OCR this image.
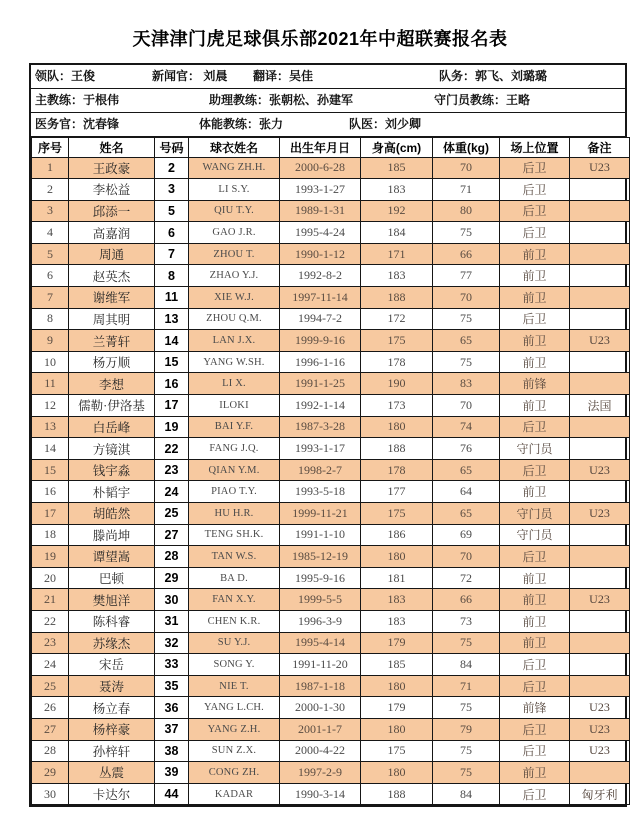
天津津门虎足球俱乐部2021年中超联赛报名表
领队：王俊	新闻官： 刘晨 翻译：吴佳	队务：郭飞、刘璐璐
主教练：于根伟	助理教练：张朝松、孙建军	守门员教练：王略
医务官：沈春锋	体能教练：张力	队医：刘少卿
序号	姓名	号码	球衣姓名	出生年月日	身高(cm)	体重(kg)	场上位置	备注
1	王政豪	2	WANG ZH.H.	2000-6-28	185	70	后卫	U23
2	李松益	3	LI S.Y.	1993-1-27	183	71	后卫	
3	邱添一	5	QIU T.Y.	1989-1-31	192	80	后卫	
4	高嘉润	6	GAO J.R.	1995-4-24	184	75	后卫	
5	周通	7	ZHOU T.	1990-1-12	171	66	前卫	
6	赵英杰	8	ZHAO Y.J.	1992-8-2	183	77	前卫	
7	谢维军	11	XIE W.J.	1997-11-14	188	70	前卫	
8	周其明	13	ZHOU Q.M.	1994-7-2	172	75	后卫	
9	兰菁轩	14	LAN J.X.	1999-9-16	175	65	前卫	U23
10	杨万顺	15	YANG W.SH.	1996-1-16	178	75	前卫	
11	李想	16	LI X.	1991-1-25	190	83	前锋	
12	儒勒·伊洛基	17	ILOKI	1992-1-14	173	70	前卫	法国
13	白岳峰	19	BAI Y.F.	1987-3-28	180	74	后卫	
14	方镜淇	22	FANG J.Q.	1993-1-17	188	76	守门员	
15	钱宇淼	23	QIAN Y.M.	1998-2-7	178	65	后卫	U23
16	朴韬宇	24	PIAO T.Y.	1993-5-18	177	64	前卫	
17	胡皓然	25	HU H.R.	1999-11-21	175	65	守门员	U23
18	滕尚坤	27	TENG SH.K.	1991-1-10	186	69	守门员	
19	谭望嵩	28	TAN W.S.	1985-12-19	180	70	后卫	
20	巴顿	29	BA D.	1995-9-16	181	72	前卫	
21	樊旭洋	30	FAN X.Y.	1999-5-5	183	66	前卫	U23
22	陈科睿	31	CHEN K.R.	1996-3-9	183	73	前卫	
23	苏缘杰	32	SU Y.J.	1995-4-14	179	75	前卫	
24	宋岳	33	SONG Y.	1991-11-20	185	84	后卫	
25	聂涛	35	NIE T.	1987-1-18	180	71	后卫	
26	杨立春	36	YANG L.CH.	2000-1-30	179	75	前锋	U23
27	杨梓豪	37	YANG Z.H.	2001-1-7	180	79	后卫	U23
28	孙梓轩	38	SUN Z.X.	2000-4-22	175	75	后卫	U23
29	丛震	39	CONG ZH.	1997-2-9	180	75	前卫	
30	卡达尔	44	KADAR	1990-3-14	188	84	后卫	匈牙利
